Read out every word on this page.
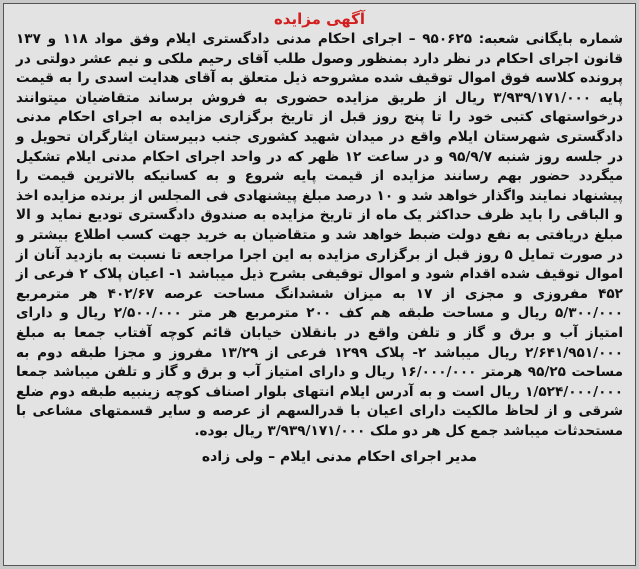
آگهی مزایده

شماره بایگانی شعبه: ۹۵۰۶۲۵ – اجرای احکام مدنی دادگستری ایلام وفق مواد ۱۱۸ و ۱۳۷ قانون اجرای احکام در نظر دارد بمنظور وصول طلب آقای رحیم ملکی و نیم عشر دولتی در پرونده کلاسه فوق اموال توقیف شده مشروحه ذیل متعلق به آقای هدایت اسدی را به قیمت پایه ۳/۹۳۹/۱۷۱/۰۰۰ ریال از طریق مزایده حضوری به فروش برساند متقاضیان میتوانند درخواستهای کتبی خود را تا پنج روز قبل از تاریخ برگزاری مزایده به اجرای احکام مدنی دادگستری شهرستان ایلام واقع در میدان شهید کشوری جنب دبیرستان ایثارگران تحویل و در جلسه روز شنبه ۹۵/۹/۷ و در ساعت ۱۲ ظهر که در واحد اجرای احکام مدنی ایلام تشکیل میگردد حضور بهم رسانند مزایده از قیمت پایه شروع و به کسانیکه بالاترین قیمت را پیشنهاد نمایند واگذار خواهد شد و ۱۰ درصد مبلغ پیشنهادی فی المجلس از برنده مزایده اخذ و الباقی را باید ظرف حداکثر یک ماه از تاریخ مزایده به صندوق دادگستری تودیع نماید و الا مبلغ دریافتی به نفع دولت ضبط خواهد شد و متقاضیان به خرید جهت کسب اطلاع بیشتر و در صورت تمایل ۵ روز قبل از برگزاری مزایده به این اجرا مراجعه تا نسبت به بازدید آنان از اموال توقیف شده اقدام شود و اموال توقیفی بشرح ذیل میباشد ۱- اعیان پلاک ۲ فرعی از ۴۵۲ مفروزی و مجزی از ۱۷ به میزان ششدانگ مساحت عرصه ۴۰۲/۶۷ هر مترمربع ۵/۳۰۰/۰۰۰ ریال و مساحت طبقه هم کف ۲۰۰ مترمربع هر متر ۲/۵۰۰/۰۰۰ ریال و دارای امتیاز آب و برق و گاز و تلفن واقع در بانقلان خیابان قائم کوچه آفتاب جمعا به مبلغ ۲/۶۴۱/۹۵۱/۰۰۰ ریال میباشد ۲- پلاک ۱۲۹۹ فرعی از ۱۳/۲۹ مفروز و مجزا طبقه دوم به مساحت ۹۵/۲۵ هرمتر ۱۶/۰۰۰/۰۰۰ ریال و دارای امتیاز آب و برق و گاز و تلفن میباشد جمعا ۱/۵۲۴/۰۰۰/۰۰۰ ریال است و به آدرس ایلام انتهای بلوار اصناف کوچه زینبیه طبقه دوم ضلع شرقی و از لحاظ مالکیت دارای اعیان با قدرالسهم از عرصه و سایر قسمتهای مشاعی با مستحدثات میباشد جمع کل هر دو ملک ۳/۹۳۹/۱۷۱/۰۰۰ ریال بوده.

مدیر اجرای احکام مدنی ایلام – ولی زاده
